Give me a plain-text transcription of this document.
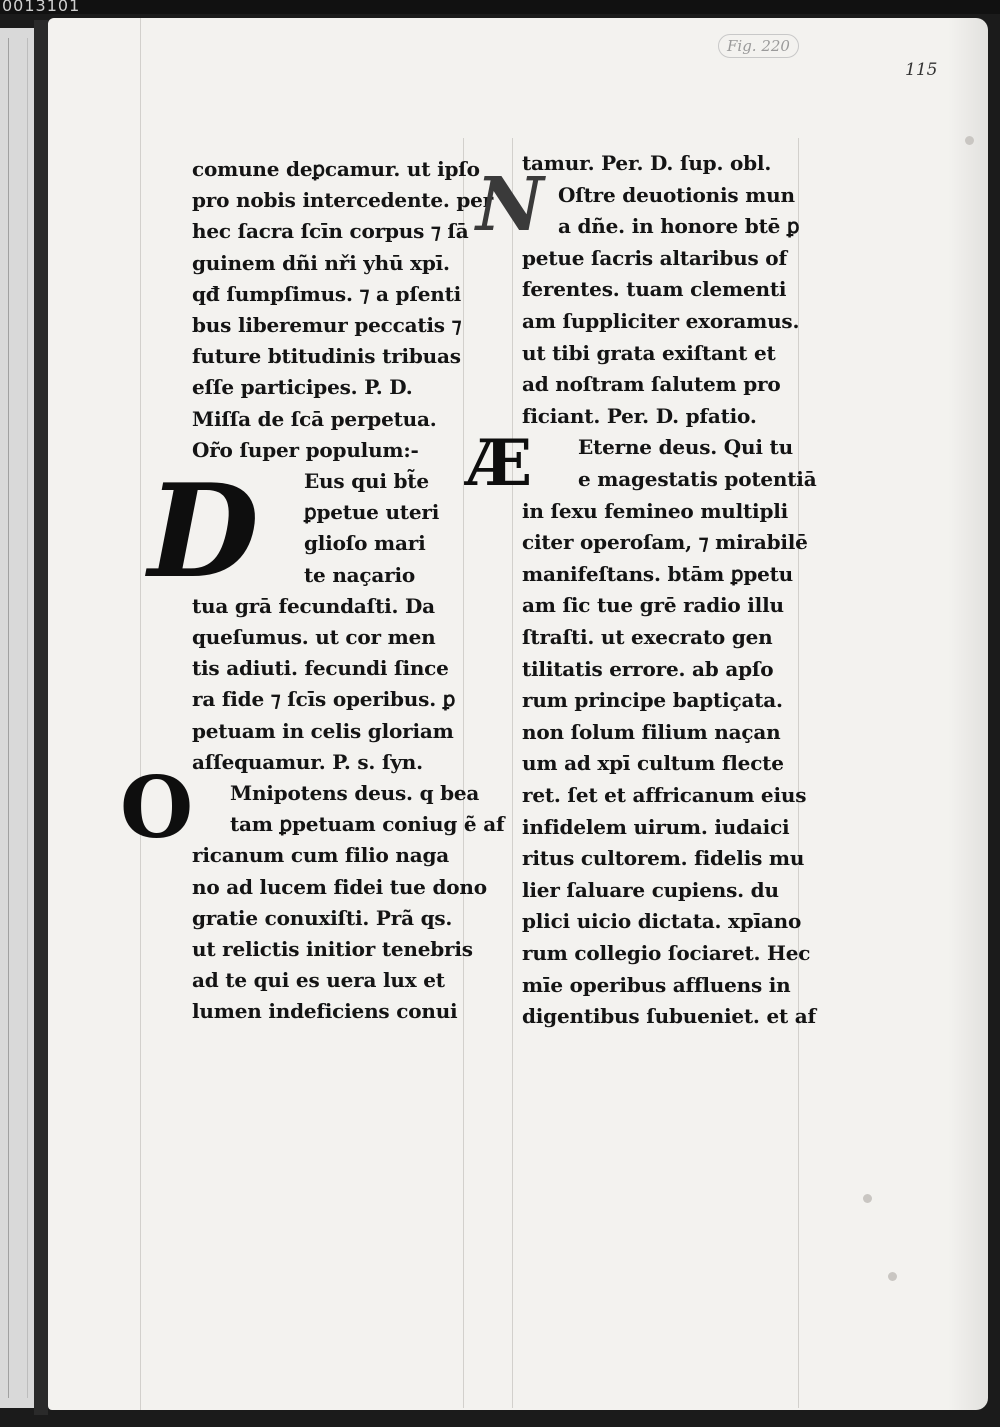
0013101
Fig. 220
115
comune deꝑcamur. ut ipſo
pro nobis intercedente. per
hec ſacra ſcīn corpus ⁊ ſā
guinem dñi nři yhū xpī.
qđ ſumpſimus. ⁊ a pſenti
bus liberemur peccatis ⁊
future btitudinis tribuas
eſſe participes. P. D.
Miſſa de ſcā perpetua.
Or̃o ſuper populum:-
Eus qui bt̃e
ꝑpetue uteri
glioſo mari
te naçario
tua grā fecundaſti. Da
queſumus. ut cor men
tis adiuti. fecundi ſince
ra fide ⁊ ſcīs operibus. ꝑ
petuam in celis gloriam
aſſequamur. P. s. ſyn.
Mnipotens deus. q bea
tam ꝑpetuam coniug ẽ af
ricanum cum filio naga
no ad lucem fidei tue dono
gratie conuxiſti. Prã qs.
ut relictis initior tenebris
ad te qui es uera lux et
lumen indeficiens conui
tamur. Per. D. ſup. obl.
Oſtre deuotionis mun
a dñe. in honore btē ꝑ
petue ſacris altaribus of
ferentes. tuam clementi
am ſuppliciter exoramus.
ut tibi grata exiſtant et
ad noſtram ſalutem pro
ficiant. Per. D. pfatio.
Eterne deus. Qui tu
e magestatis potentiā
in ſexu femineo multipli
citer operoſam, ⁊ mirabilē
manifeſtans. btām ꝑpetu
am ſic tue grē radio illu
ſtraſti. ut execrato gen
tilitatis errore. ab apſo
rum principe baptiçata.
non ſolum filium naçan
um ad xpī cultum flecte
ret. ſet et affricanum eius
infidelem uirum. iudaici
ritus cultorem. fidelis mu
lier ſaluare cupiens. du
plici uicio dictata. xpīano
rum collegio ſociaret. Hec
mīe operibus affluens in
digentibus ſubueniet. et af
D
O
N
Æ
